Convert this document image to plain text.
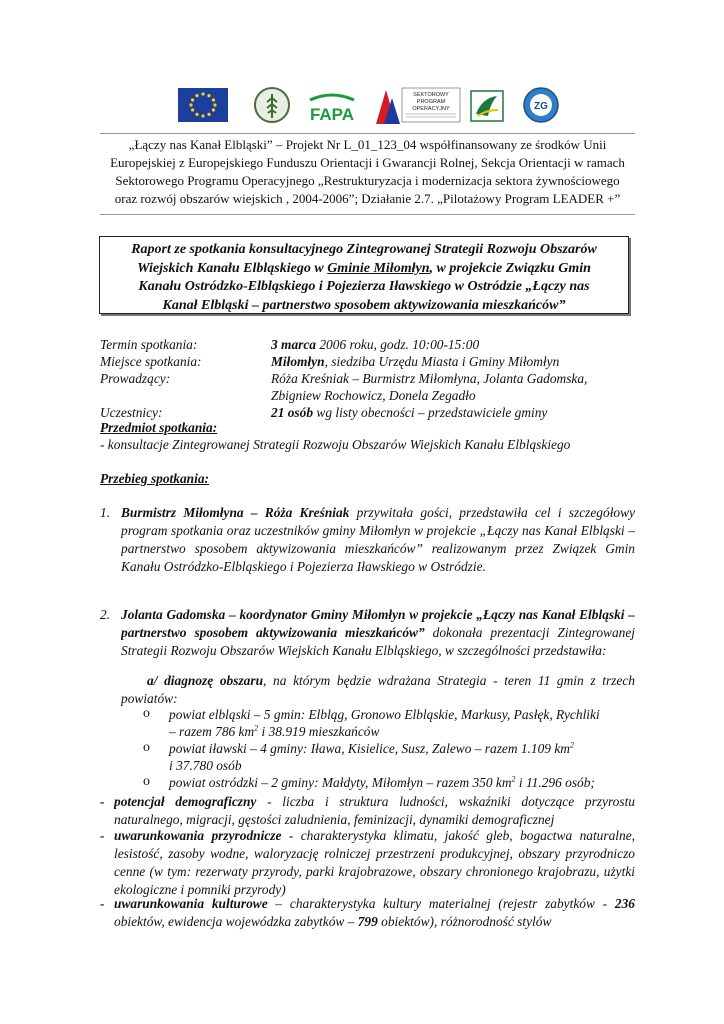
FAPA
SEKTOROWY
PROGRAM
OPERACYJNY	ZG
„Łączy nas Kanał Elbląski” – Projekt Nr L_01_123_04 współfinansowany ze środków Unii
Europejskiej z Europejskiego Funduszu Orientacji i Gwarancji Rolnej, Sekcja Orientacji w ramach
Sektorowego Programu Operacyjnego „Restrukturyzacja i modernizacja sektora żywnościowego
oraz rozwój obszarów wiejskich , 2004-2006”; Działanie 2.7. „Pilotażowy Program LEADER +”
Raport ze spotkania konsultacyjnego Zintegrowanej Strategii Rozwoju Obszarów
Wiejskich Kanału Elbląskiego w Gminie Miłomłyn, w projekcie Związku Gmin
Kanału Ostródzko-Elbląskiego i Pojezierza Iławskiego w Ostródzie „Łączy nas
Kanał Elbląski – partnerstwo sposobem aktywizowania mieszkańców”
Termin spotkania:	3 marca 2006 roku, godz. 10:00-15:00
Miejsce spotkania:	Miłomłyn, siedziba Urzędu Miasta i Gminy Miłomłyn
Prowadzący:	Róża Kreśniak – Burmistrz Miłomłyna, Jolanta Gadomska,
Zbigniew Rochowicz, Donela Zegadło
Uczestnicy:	21 osób wg listy obecności – przedstawiciele gminy
Przedmiot spotkania:
- konsultacje Zintegrowanej Strategii Rozwoju Obszarów Wiejskich Kanału Elbląskiego
Przebieg spotkania:
1. Burmistrz Miłomłyna – Róża Kreśniak przywitała gości, przedstawiła cel i szczegółowy program spotkania oraz uczestników gminy Miłomłyn w projekcie „Łączy nas Kanał Elbląski – partnerstwo sposobem aktywizowania mieszkańców” realizowanym przez Związek Gmin Kanału Ostródzko-Elbląskiego i Pojezierza Iławskiego w Ostródzie.
2. Jolanta Gadomska – koordynator Gminy Miłomłyn w projekcie „Łączy nas Kanał Elbląski – partnerstwo sposobem aktywizowania mieszkańców” dokonała prezentacji Zintegrowanej Strategii Rozwoju Obszarów Wiejskich Kanału Elbląskiego, w szczególności przedstawiła:
a/ diagnozę obszaru, na którym będzie wdrażana Strategia - teren 11 gmin z trzech powiatów:
o powiat elbląski – 5 gmin: Elbląg, Gronowo Elbląskie, Markusy, Pasłęk, Rychliki
– razem 786 $km^2$ i 38.919 mieszkańców
o powiat iławski – 4 gminy: Iława, Kisielice, Susz, Zalewo – razem 1.109 $km^2$
i 37.780 osób
o powiat ostródzki – 2 gminy: Małdyty, Miłomłyn – razem 350 $km^2$ i 11.296 osób;
- potencjał demograficzny - liczba i struktura ludności, wskaźniki dotyczące przyrostu naturalnego, migracji, gęstości zaludnienia, feminizacji, dynamiki demograficznej
- uwarunkowania przyrodnicze - charakterystyka klimatu, jakość gleb, bogactwa naturalne, lesistość, zasoby wodne, waloryzację rolniczej przestrzeni produkcyjnej, obszary przyrodniczo cenne (w tym: rezerwaty przyrody, parki krajobrazowe, obszary chronionego krajobrazu, użytki ekologiczne i pomniki przyrody)
- uwarunkowania kulturowe – charakterystyka kultury materialnej (rejestr zabytków - 236 obiektów, ewidencja wojewódzka zabytków – 799 obiektów), różnorodność stylów
